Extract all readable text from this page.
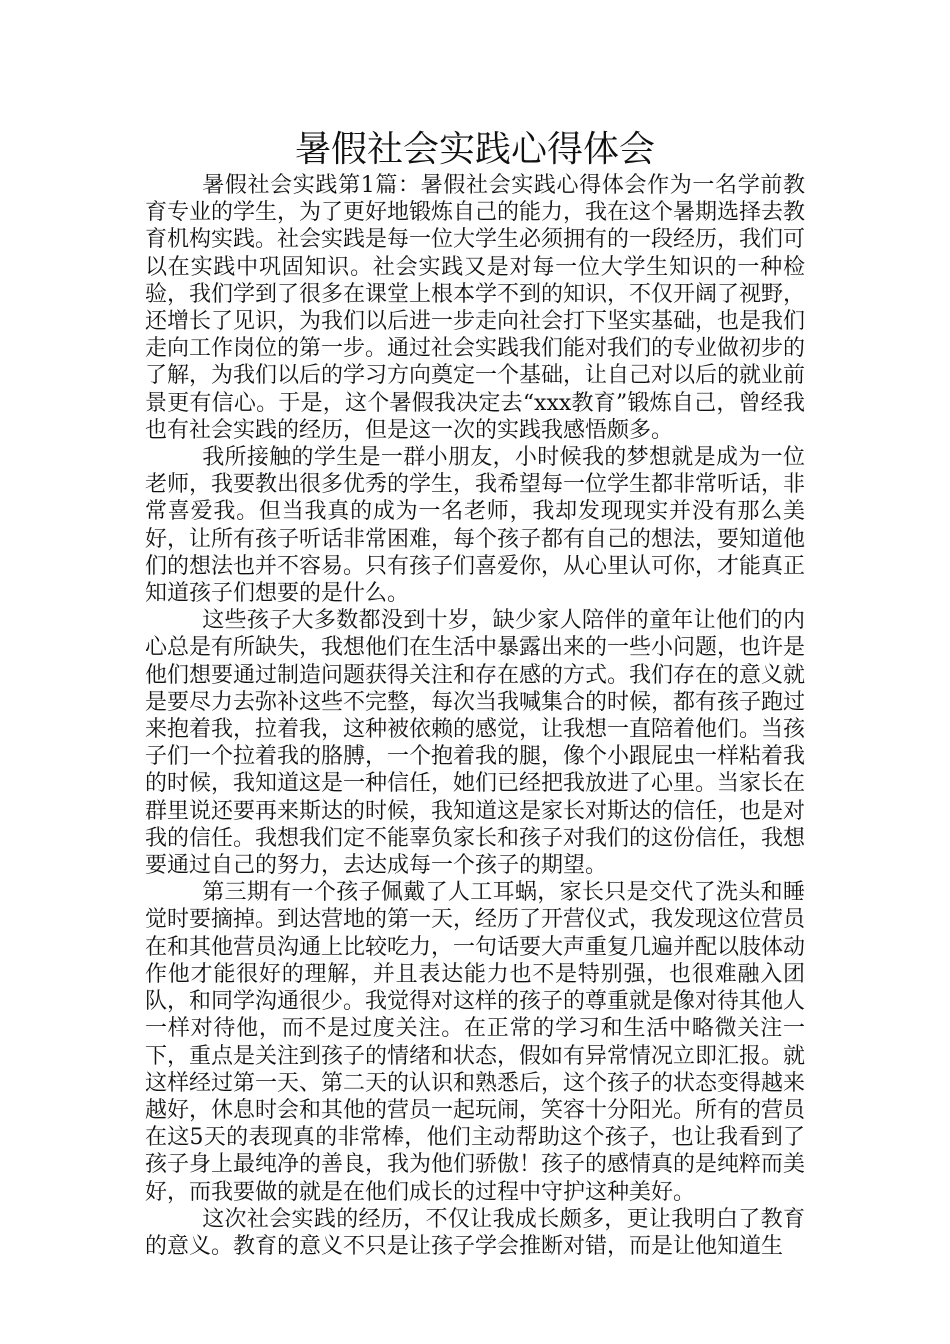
暑假社会实践心得体会

暑假社会实践第1篇：暑假社会实践心得体会作为一名学前教育专业的学生，为了更好地锻炼自己的能力，我在这个暑期选择去教育机构实践。社会实践是每一位大学生必须拥有的一段经历，我们可以在实践中巩固知识。社会实践又是对每一位大学生知识的一种检验，我们学到了很多在课堂上根本学不到的知识，不仅开阔了视野，还增长了见识，为我们以后进一步走向社会打下坚实基础，也是我们走向工作岗位的第一步。通过社会实践我们能对我们的专业做初步的了解，为我们以后的学习方向奠定一个基础，让自己对以后的就业前景更有信心。于是，这个暑假我决定去“xxx教育”锻炼自己，曾经我也有社会实践的经历，但是这一次的实践我感悟颇多。

我所接触的学生是一群小朋友，小时候我的梦想就是成为一位老师，我要教出很多优秀的学生，我希望每一位学生都非常听话，非常喜爱我。但当我真的成为一名老师，我却发现现实并没有那么美好，让所有孩子听话非常困难，每个孩子都有自己的想法，要知道他们的想法也并不容易。只有孩子们喜爱你，从心里认可你，才能真正知道孩子们想要的是什么。

这些孩子大多数都没到十岁，缺少家人陪伴的童年让他们的内心总是有所缺失，我想他们在生活中暴露出来的一些小问题，也许是他们想要通过制造问题获得关注和存在感的方式。我们存在的意义就是要尽力去弥补这些不完整，每次当我喊集合的时候，都有孩子跑过来抱着我，拉着我，这种被依赖的感觉，让我想一直陪着他们。当孩子们一个拉着我的胳膊，一个抱着我的腿，像个小跟屁虫一样粘着我的时候，我知道这是一种信任，她们已经把我放进了心里。当家长在群里说还要再来斯达的时候，我知道这是家长对斯达的信任，也是对我的信任。我想我们定不能辜负家长和孩子对我们的这份信任，我想要通过自己的努力，去达成每一个孩子的期望。

第三期有一个孩子佩戴了人工耳蜗，家长只是交代了洗头和睡觉时要摘掉。到达营地的第一天，经历了开营仪式，我发现这位营员在和其他营员沟通上比较吃力，一句话要大声重复几遍并配以肢体动作他才能很好的理解，并且表达能力也不是特别强，也很难融入团队，和同学沟通很少。我觉得对这样的孩子的尊重就是像对待其他人一样对待他，而不是过度关注。在正常的学习和生活中略微关注一下，重点是关注到孩子的情绪和状态，假如有异常情况立即汇报。就这样经过第一天、第二天的认识和熟悉后，这个孩子的状态变得越来越好，休息时会和其他的营员一起玩闹，笑容十分阳光。所有的营员在这5天的表现真的非常棒，他们主动帮助这个孩子，也让我看到了孩子身上最纯净的善良，我为他们骄傲！孩子的感情真的是纯粹而美好，而我要做的就是在他们成长的过程中守护这种美好。

这次社会实践的经历，不仅让我成长颇多，更让我明白了教育的意义。教育的意义不只是让孩子学会推断对错，而是让他知道生
